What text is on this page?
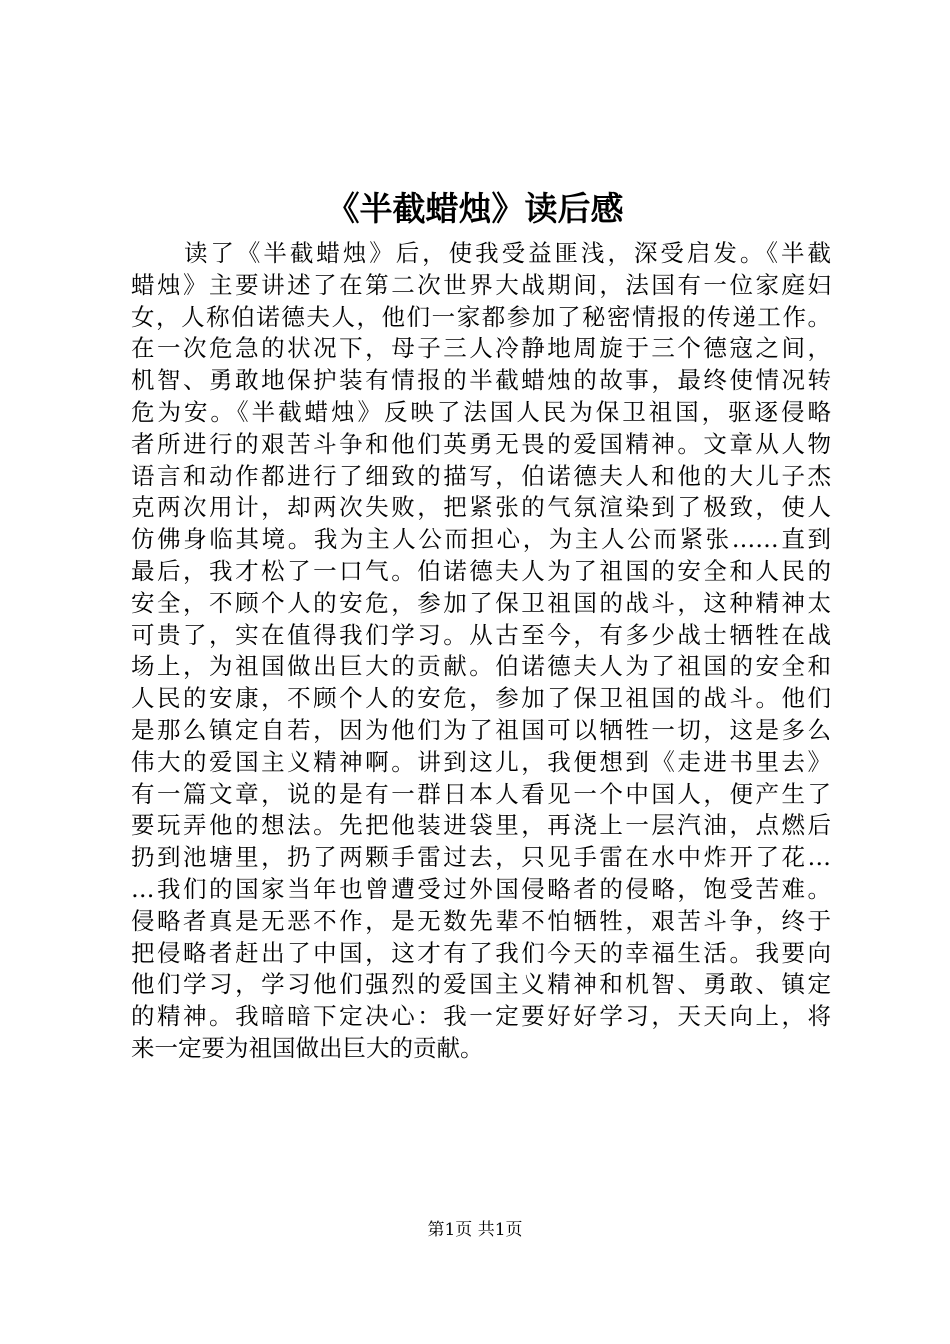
《半截蜡烛》读后感
　　读了《半截蜡烛》后，使我受益匪浅，深受启发。《半截
蜡烛》主要讲述了在第二次世界大战期间，法国有一位家庭妇
女，人称伯诺德夫人，他们一家都参加了秘密情报的传递工作。
在一次危急的状况下，母子三人冷静地周旋于三个德寇之间，
机智、勇敢地保护装有情报的半截蜡烛的故事，最终使情况转
危为安。《半截蜡烛》反映了法国人民为保卫祖国，驱逐侵略
者所进行的艰苦斗争和他们英勇无畏的爱国精神。文章从人物
语言和动作都进行了细致的描写，伯诺德夫人和他的大儿子杰
克两次用计，却两次失败，把紧张的气氛渲染到了极致，使人
仿佛身临其境。我为主人公而担心，为主人公而紧张……直到
最后，我才松了一口气。伯诺德夫人为了祖国的安全和人民的
安全，不顾个人的安危，参加了保卫祖国的战斗，这种精神太
可贵了，实在值得我们学习。从古至今，有多少战士牺牲在战
场上，为祖国做出巨大的贡献。伯诺德夫人为了祖国的安全和
人民的安康，不顾个人的安危，参加了保卫祖国的战斗。他们
是那么镇定自若，因为他们为了祖国可以牺牲一切，这是多么
伟大的爱国主义精神啊。讲到这儿，我便想到《走进书里去》
有一篇文章，说的是有一群日本人看见一个中国人，便产生了
要玩弄他的想法。先把他装进袋里，再浇上一层汽油，点燃后
扔到池塘里，扔了两颗手雷过去，只见手雷在水中炸开了花…
…我们的国家当年也曾遭受过外国侵略者的侵略，饱受苦难。
侵略者真是无恶不作，是无数先辈不怕牺牲，艰苦斗争，终于
把侵略者赶出了中国，这才有了我们今天的幸福生活。我要向
他们学习，学习他们强烈的爱国主义精神和机智、勇敢、镇定
的精神。我暗暗下定决心：我一定要好好学习，天天向上，将
来一定要为祖国做出巨大的贡献。
第1页 共1页
